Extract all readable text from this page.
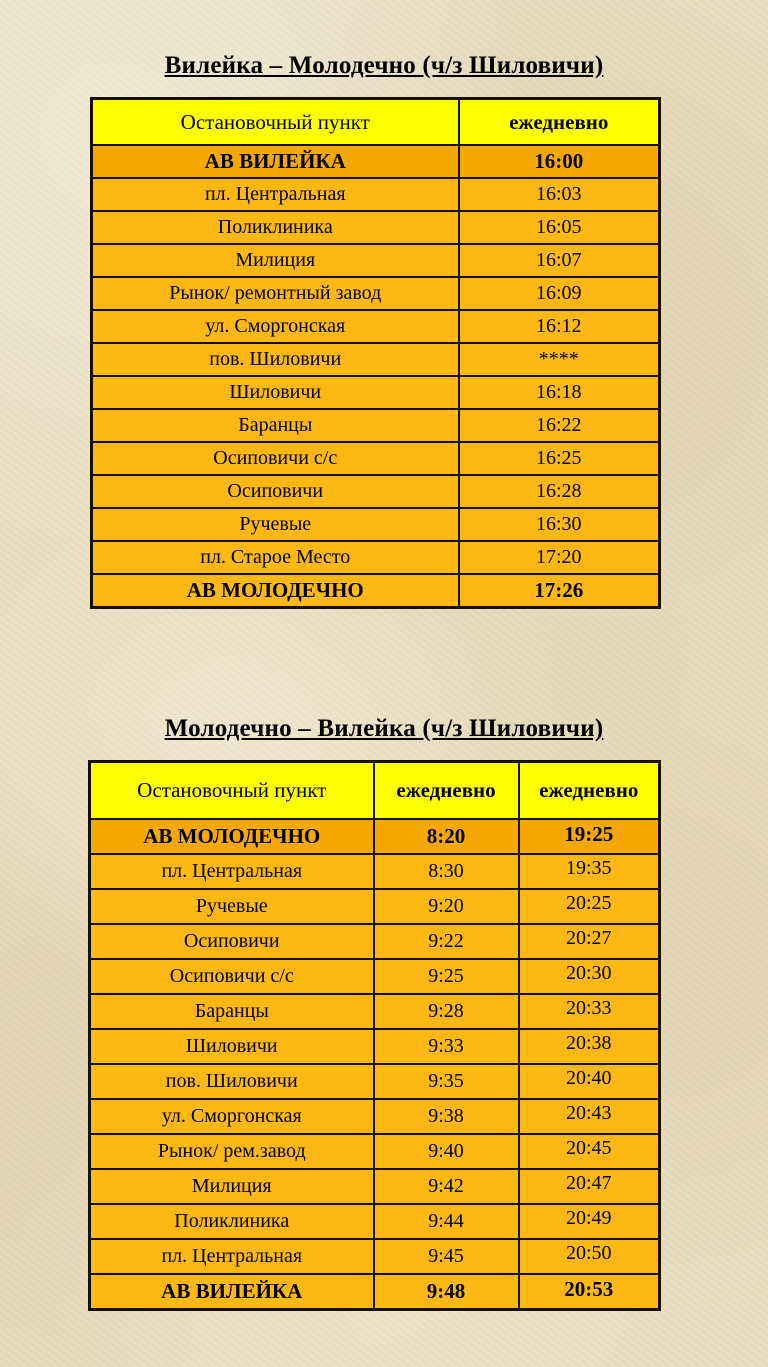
Вилейка – Молодечно (ч/з Шиловичи)
Остановочный пункт	ежедневно
АВ ВИЛЕЙКА	16:00
пл. Центральная	16:03
Поликлиника	16:05
Милиция	16:07
Рынок/ ремонтный завод	16:09
ул. Сморгонская	16:12
пов. Шиловичи	****
Шиловичи	16:18
Баранцы	16:22
Осиповичи с/с	16:25
Осиповичи	16:28
Ручевые	16:30
пл. Старое Место	17:20
АВ МОЛОДЕЧНО	17:26
Молодечно – Вилейка (ч/з Шиловичи)
Остановочный пункт	ежедневно	ежедневно
АВ МОЛОДЕЧНО	8:20	19:25
пл. Центральная	8:30	19:35
Ручевые	9:20	20:25
Осиповичи	9:22	20:27
Осиповичи с/с	9:25	20:30
Баранцы	9:28	20:33
Шиловичи	9:33	20:38
пов. Шиловичи	9:35	20:40
ул. Сморгонская	9:38	20:43
Рынок/ рем.завод	9:40	20:45
Милиция	9:42	20:47
Поликлиника	9:44	20:49
пл. Центральная	9:45	20:50
АВ ВИЛЕЙКА	9:48	20:53
